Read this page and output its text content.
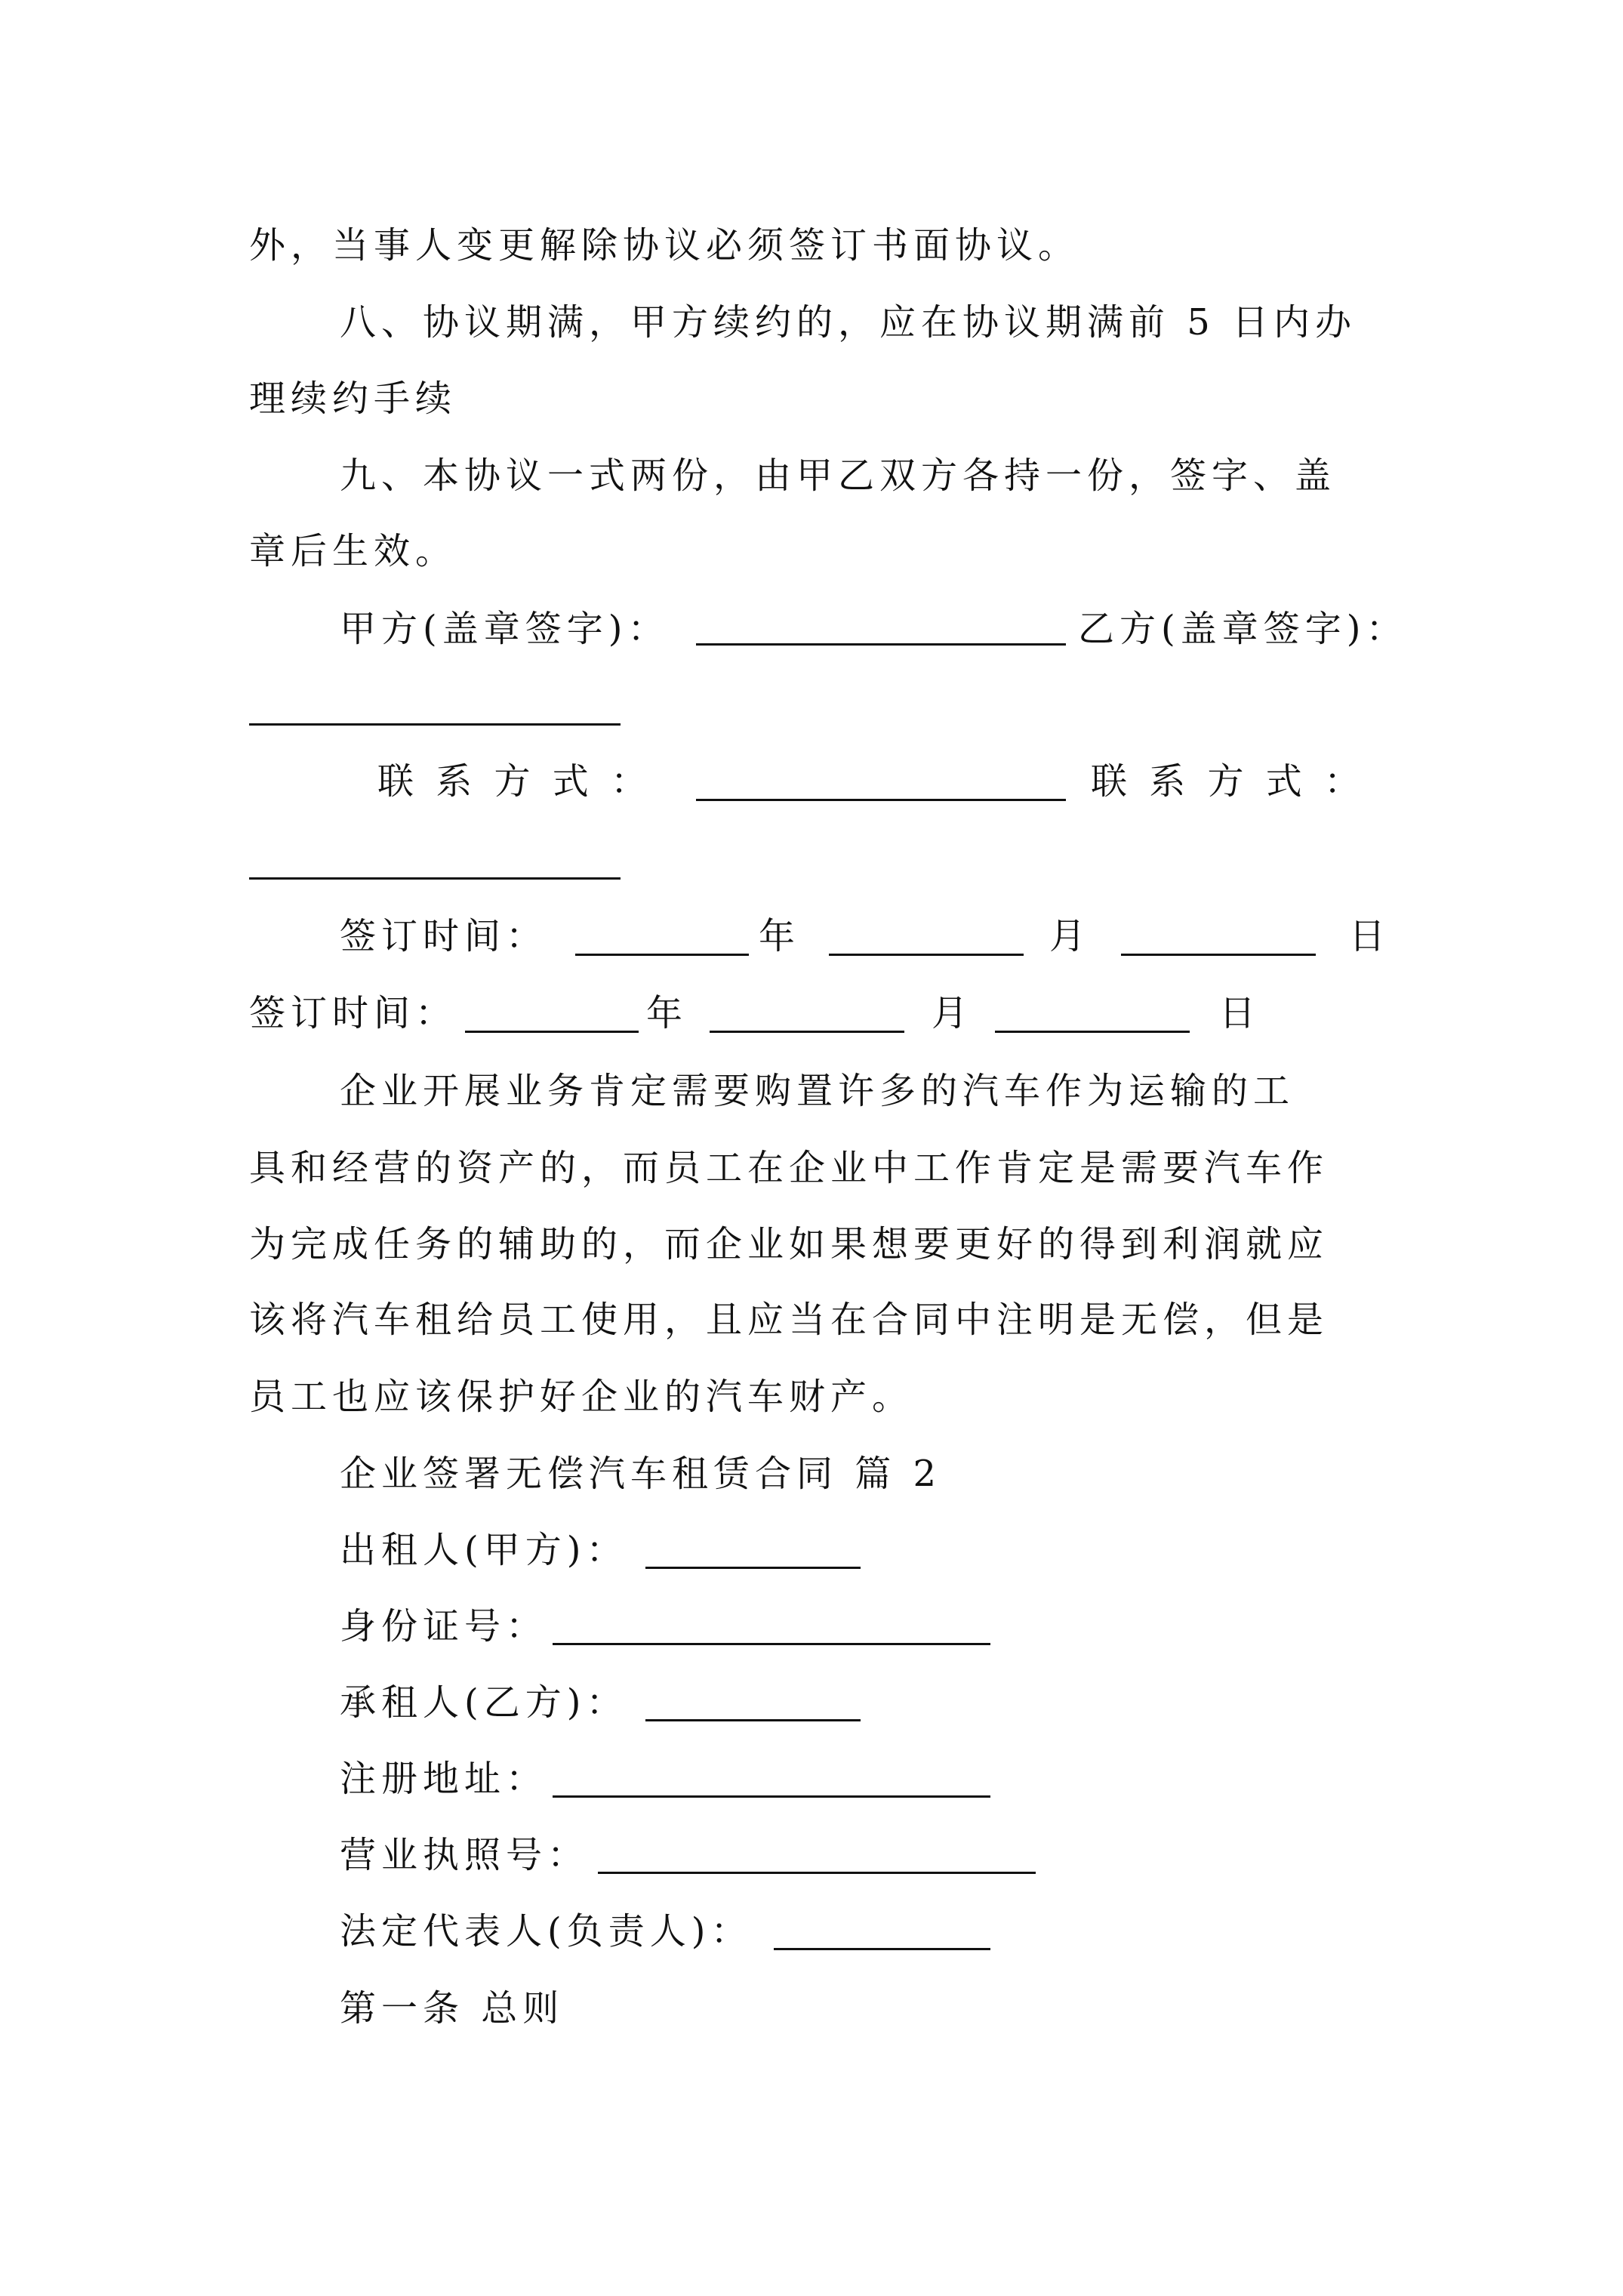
外，当事人变更解除协议必须签订书面协议。
八、协议期满，甲方续约的，应在协议期满前 5 日内办
理续约手续
九、本协议一式两份，由甲乙双方各持一份，签字、盖
章后生效。
甲方(盖章签字)：	乙方(盖章签字)：
联 系 方 式 ：	联 系 方 式 ：
签订时间：	年	月	日
签订时间：	年	月	日
企业开展业务肯定需要购置许多的汽车作为运输的工
具和经营的资产的，而员工在企业中工作肯定是需要汽车作
为完成任务的辅助的，而企业如果想要更好的得到利润就应
该将汽车租给员工使用，且应当在合同中注明是无偿，但是
员工也应该保护好企业的汽车财产。
企业签署无偿汽车租赁合同 篇 2
出租人(甲方)：
身份证号：
承租人(乙方)：
注册地址：
营业执照号：
法定代表人(负责人)：
第一条 总则
